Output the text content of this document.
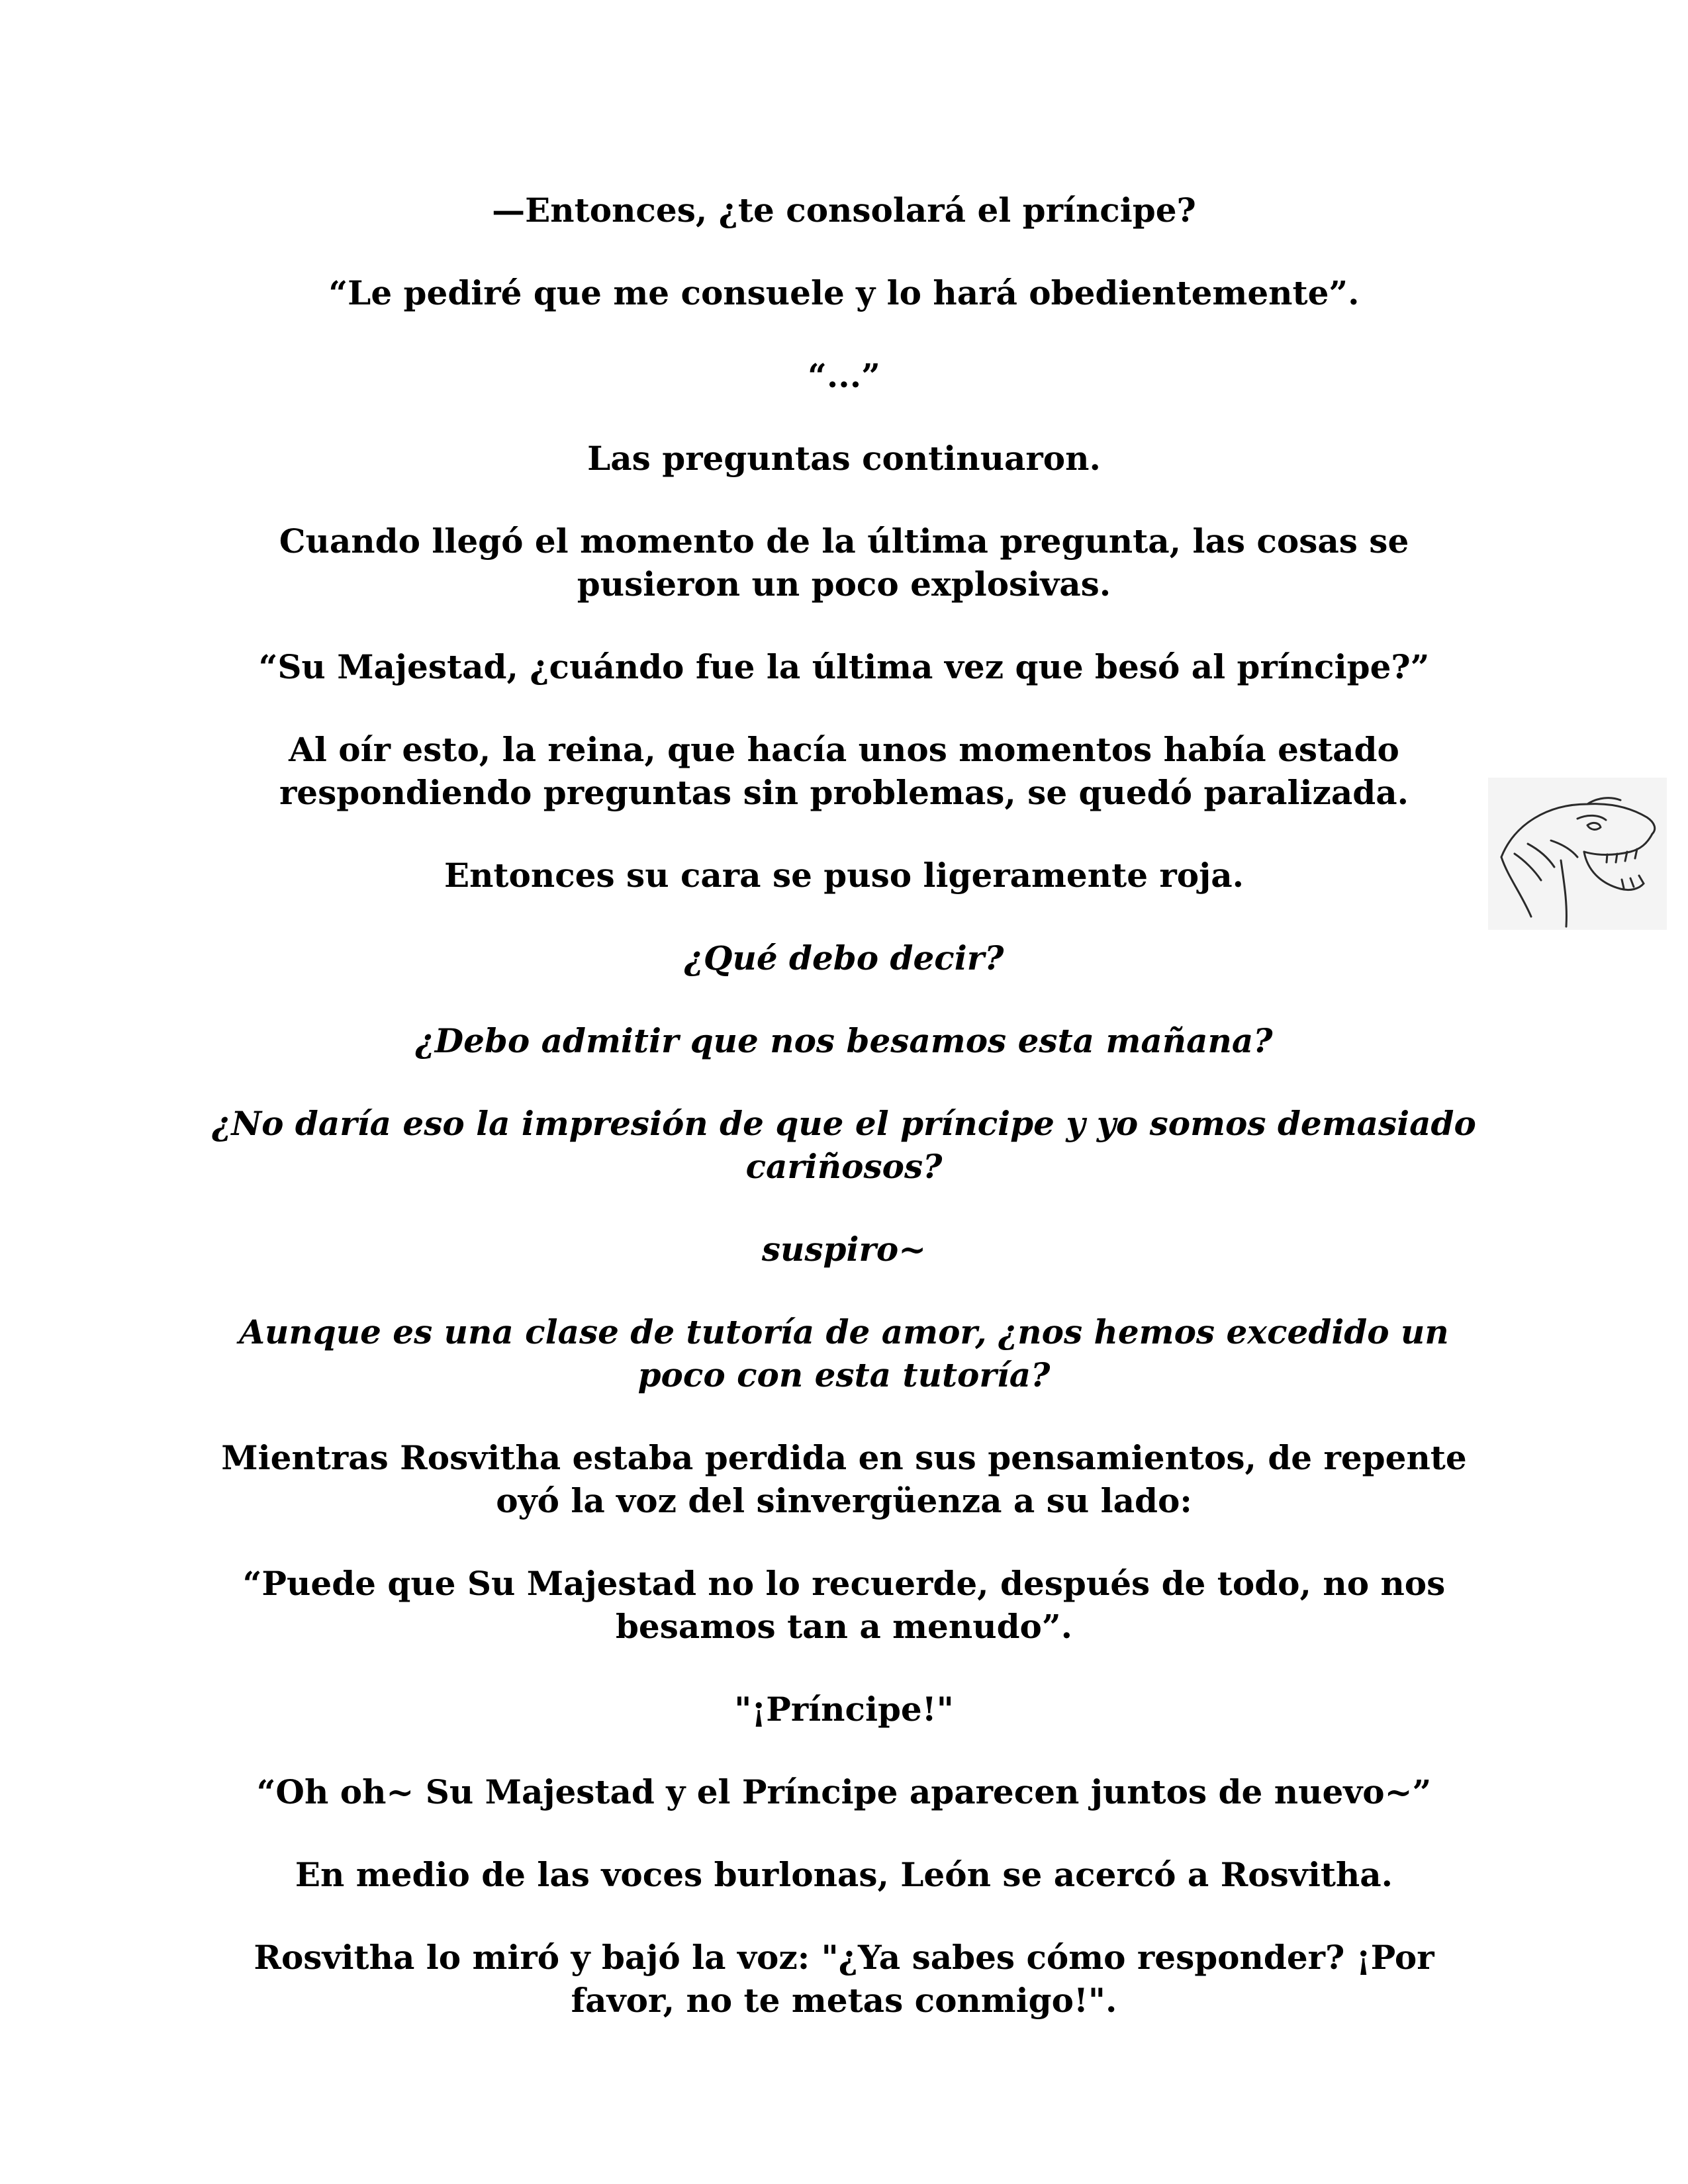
—Entonces, ¿te consolará el príncipe?

“Le pediré que me consuele y lo hará obedientemente”.

“...”

Las preguntas continuaron.

Cuando llegó el momento de la última pregunta, las cosas se pusieron un poco explosivas.

“Su Majestad, ¿cuándo fue la última vez que besó al príncipe?”

Al oír esto, la reina, que hacía unos momentos había estado respondiendo preguntas sin problemas, se quedó paralizada.

Entonces su cara se puso ligeramente roja.

¿Qué debo decir?

¿Debo admitir que nos besamos esta mañana?

¿No daría eso la impresión de que el príncipe y yo somos demasiado cariñosos?

suspiro~

Aunque es una clase de tutoría de amor, ¿nos hemos excedido un poco con esta tutoría?

Mientras Rosvitha estaba perdida en sus pensamientos, de repente oyó la voz del sinvergüenza a su lado:

“Puede que Su Majestad no lo recuerde, después de todo, no nos besamos tan a menudo”.

"¡Príncipe!"

“Oh oh~ Su Majestad y el Príncipe aparecen juntos de nuevo~”

En medio de las voces burlonas, León se acercó a Rosvitha.

Rosvitha lo miró y bajó la voz: "¿Ya sabes cómo responder? ¡Por favor, no te metas conmigo!".
